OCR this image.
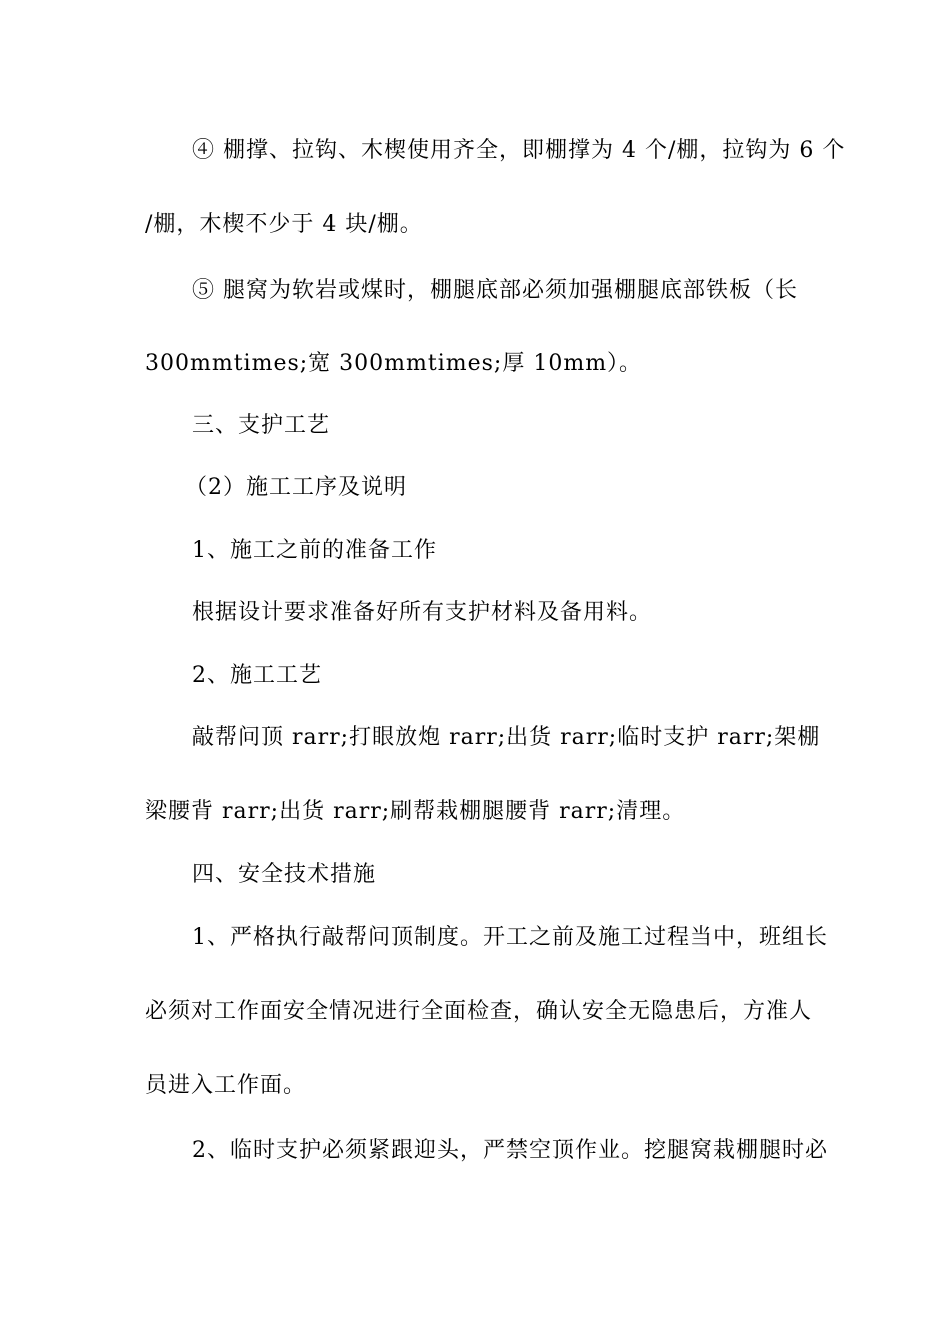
④ 棚撑、拉钩、木楔使用齐全，即棚撑为 4 个/棚，拉钩为 6 个
/棚，木楔不少于 4 块/棚。
⑤ 腿窝为软岩或煤时，棚腿底部必须加强棚腿底部铁板（长
300mmtimes;宽 300mmtimes;厚 10mm）。
三、支护工艺
（2）施工工序及说明
1、施工之前的准备工作
根据设计要求准备好所有支护材料及备用料。
2、施工工艺
敲帮问顶 rarr;打眼放炮 rarr;出货 rarr;临时支护 rarr;架棚
梁腰背 rarr;出货 rarr;刷帮栽棚腿腰背 rarr;清理。
四、安全技术措施
1、严格执行敲帮问顶制度。开工之前及施工过程当中，班组长
必须对工作面安全情况进行全面检查，确认安全无隐患后，方准人
员进入工作面。
2、临时支护必须紧跟迎头，严禁空顶作业。挖腿窝栽棚腿时必
